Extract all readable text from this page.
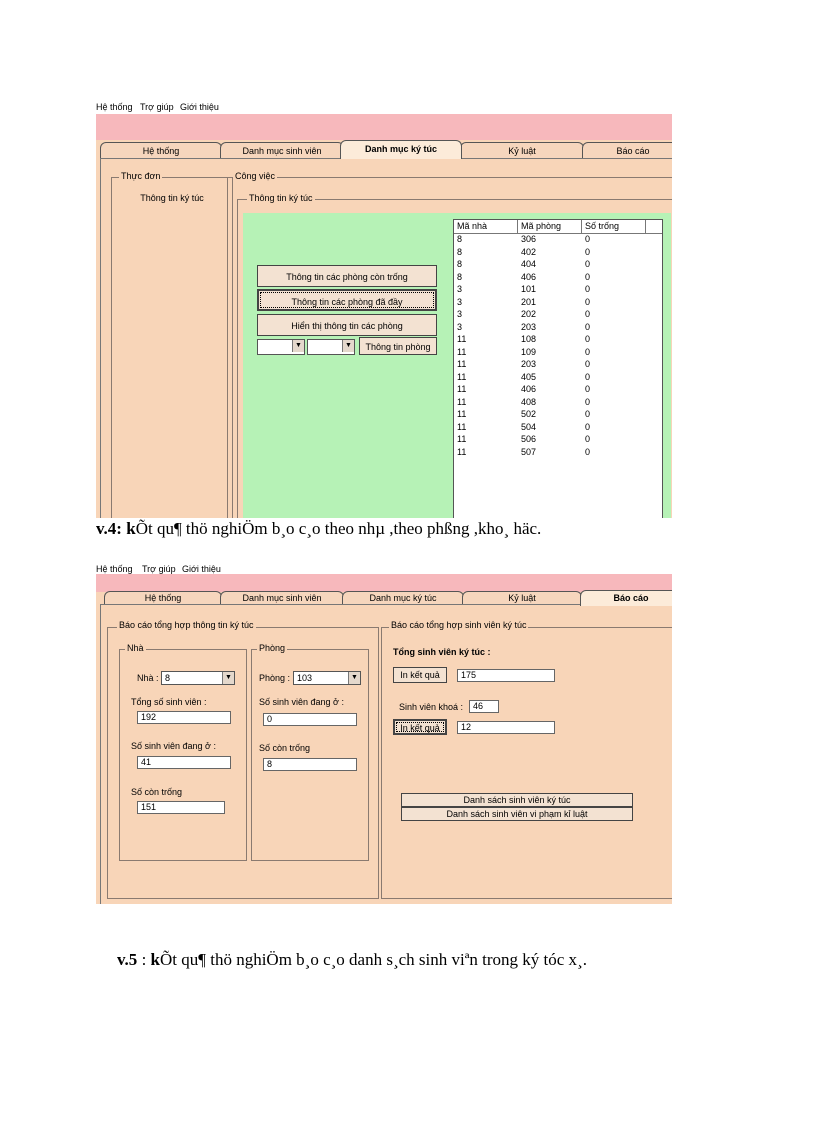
Hệ thống Trợ giúp Giới thiệu
Hệ thống	Danh mục sinh viên	Danh mục ký túc	Kỷ luật	Báo cáo
Thực đơn
Thông tin ký túc
Công việc
Thông tin ký túc
Thông tin các phòng còn trống
Thông tin các phòng đã đầy
Hiển thị thông tin các phòng
▼	▼	Thông tin phòng
Mã nhà	Mã phòng	Số trống
8	306	0
8	402	0
8	404	0
8	406	0
3	101	0
3	201	0
3	202	0
3	203	0
11	108	0
11	109	0
11	203	0
11	405	0
11	406	0
11	408	0
11	502	0
11	504	0
11	506	0
11	507	0
v.4: kÕt qu¶ thö nghiÖm b¸o c¸o theo nhµ ,theo phßng ,kho¸ häc.
Hệ thống Trợ giúp Giới thiệu
Hệ thống	Danh mục sinh viên	Danh mục ký túc	Kỷ luật	Báo cáo
Báo cáo tổng hợp thông tin ký túc
Nhà
Nhà : 8	▼
Tổng số sinh viên :
192
Số sinh viên đang ở :
41
Số còn trống
151
Phòng
Phòng : 103	▼
Số sinh viên đang ở :
0
Số còn trống
8
Báo cáo tổng hợp sinh viên ký túc
Tổng sinh viên ký túc :
In kết quả	175
Sinh viên khoá :	46
In kết quả	12
Danh sách sinh viên ký túc
Danh sách sinh viên vi phạm kỉ luật
v.5 : kÕt qu¶ thö nghiÖm b¸o c¸o danh s¸ch sinh viªn trong ký tóc x¸.
